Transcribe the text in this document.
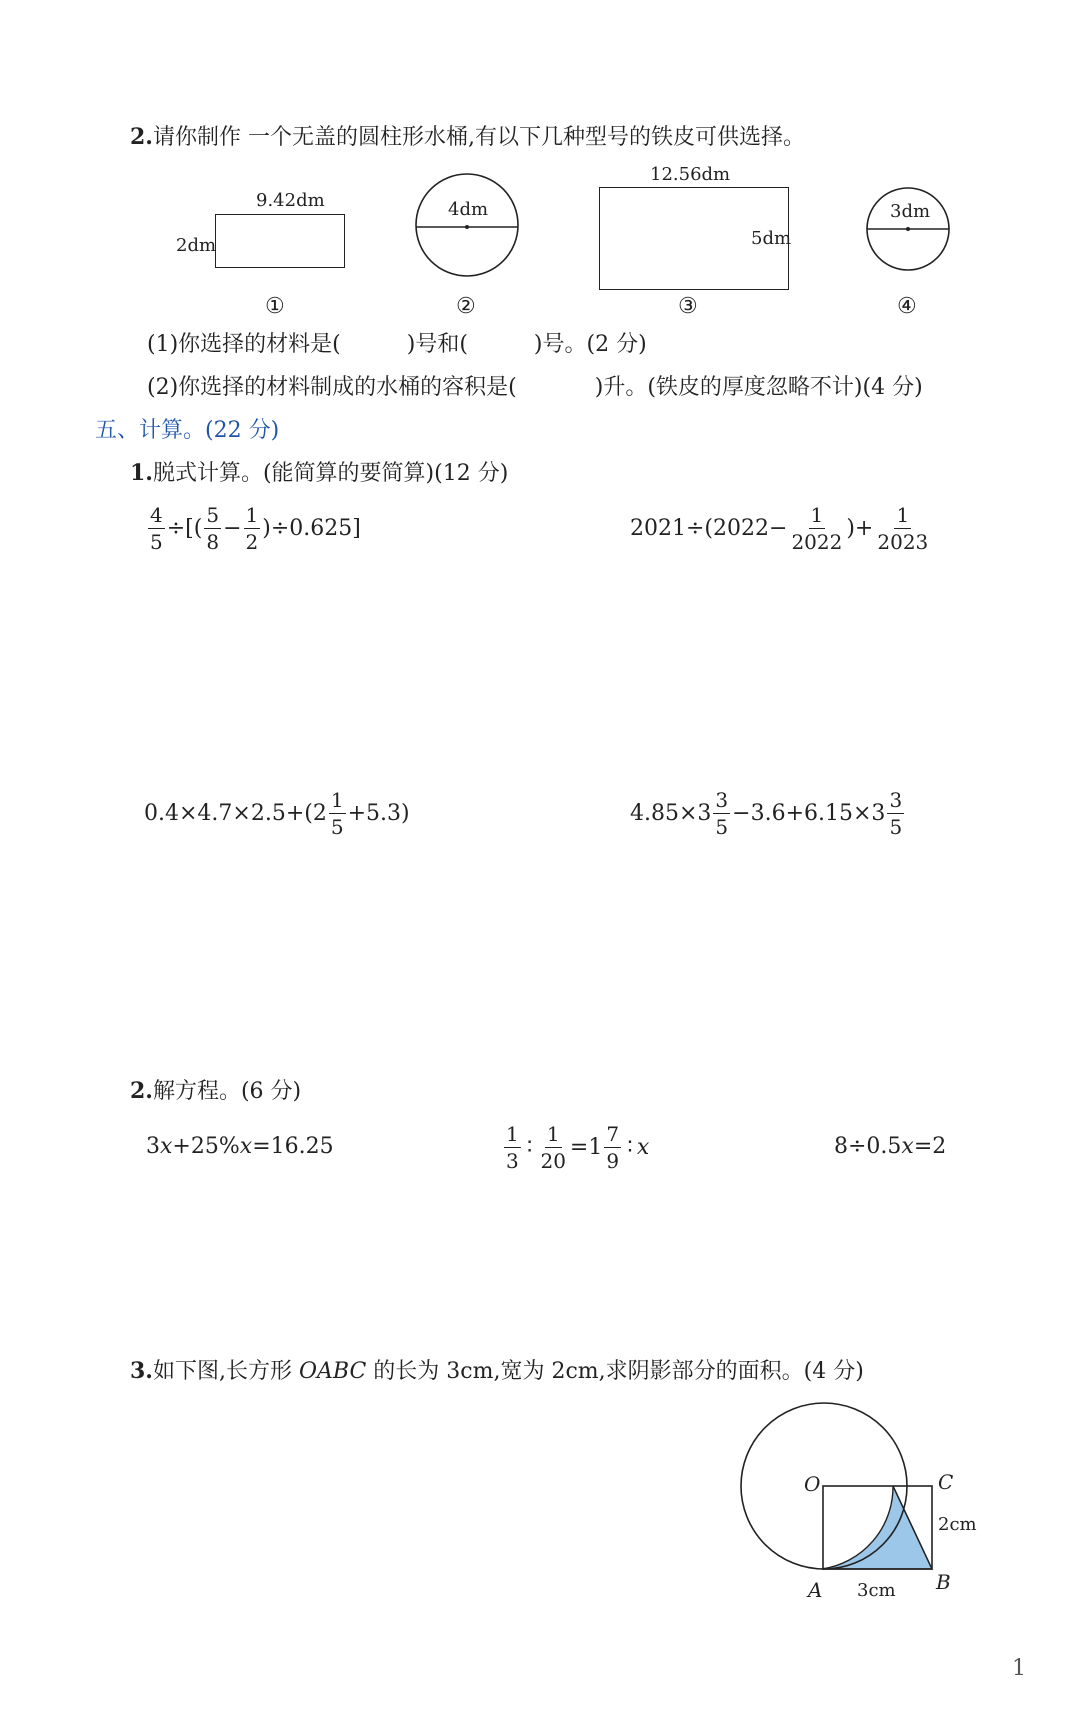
2.请你制作 一个无盖的圆柱形水桶,有以下几种型号的铁皮可供选择。
9.42dm
2dm
①
4dm
②
12.56dm
5dm
③
3dm
④
(1)你选择的材料是(	)号和(	)号。(2 分)
(2)你选择的材料制成的水桶的容积是(	)升。(铁皮的厚度忽略不计)(4 分)
五、计算。(22 分)
1.脱式计算。(能简算的要简算)(12 分)
$\frac{4}{5}$ ÷[( $\frac{5}{8} - \frac{1}{2} )\div 0.625$]	$2021\div(2022- \frac{1}{2022}$ )+ $\frac{1}{2023}$
$0.4\times 4.7\times 2.5+(2 \frac{1}{5} +5.3)$	$4.85\times 3 \frac{3}{5} -3.6+6.15\times 3 \frac{3}{5}$
2.解方程。(6 分)
3 x +25% x =16.25	$\frac{1}{3}$ ∶ $\frac{1}{20} =1 \frac{7}{9}$ ∶ x	8÷0.5 x =2
3.如下图,长方形 OABC 的长为 3cm,宽为 2cm,求阴影部分的面积。(4 分)
O	C
A	B
2cm
3cm
1
